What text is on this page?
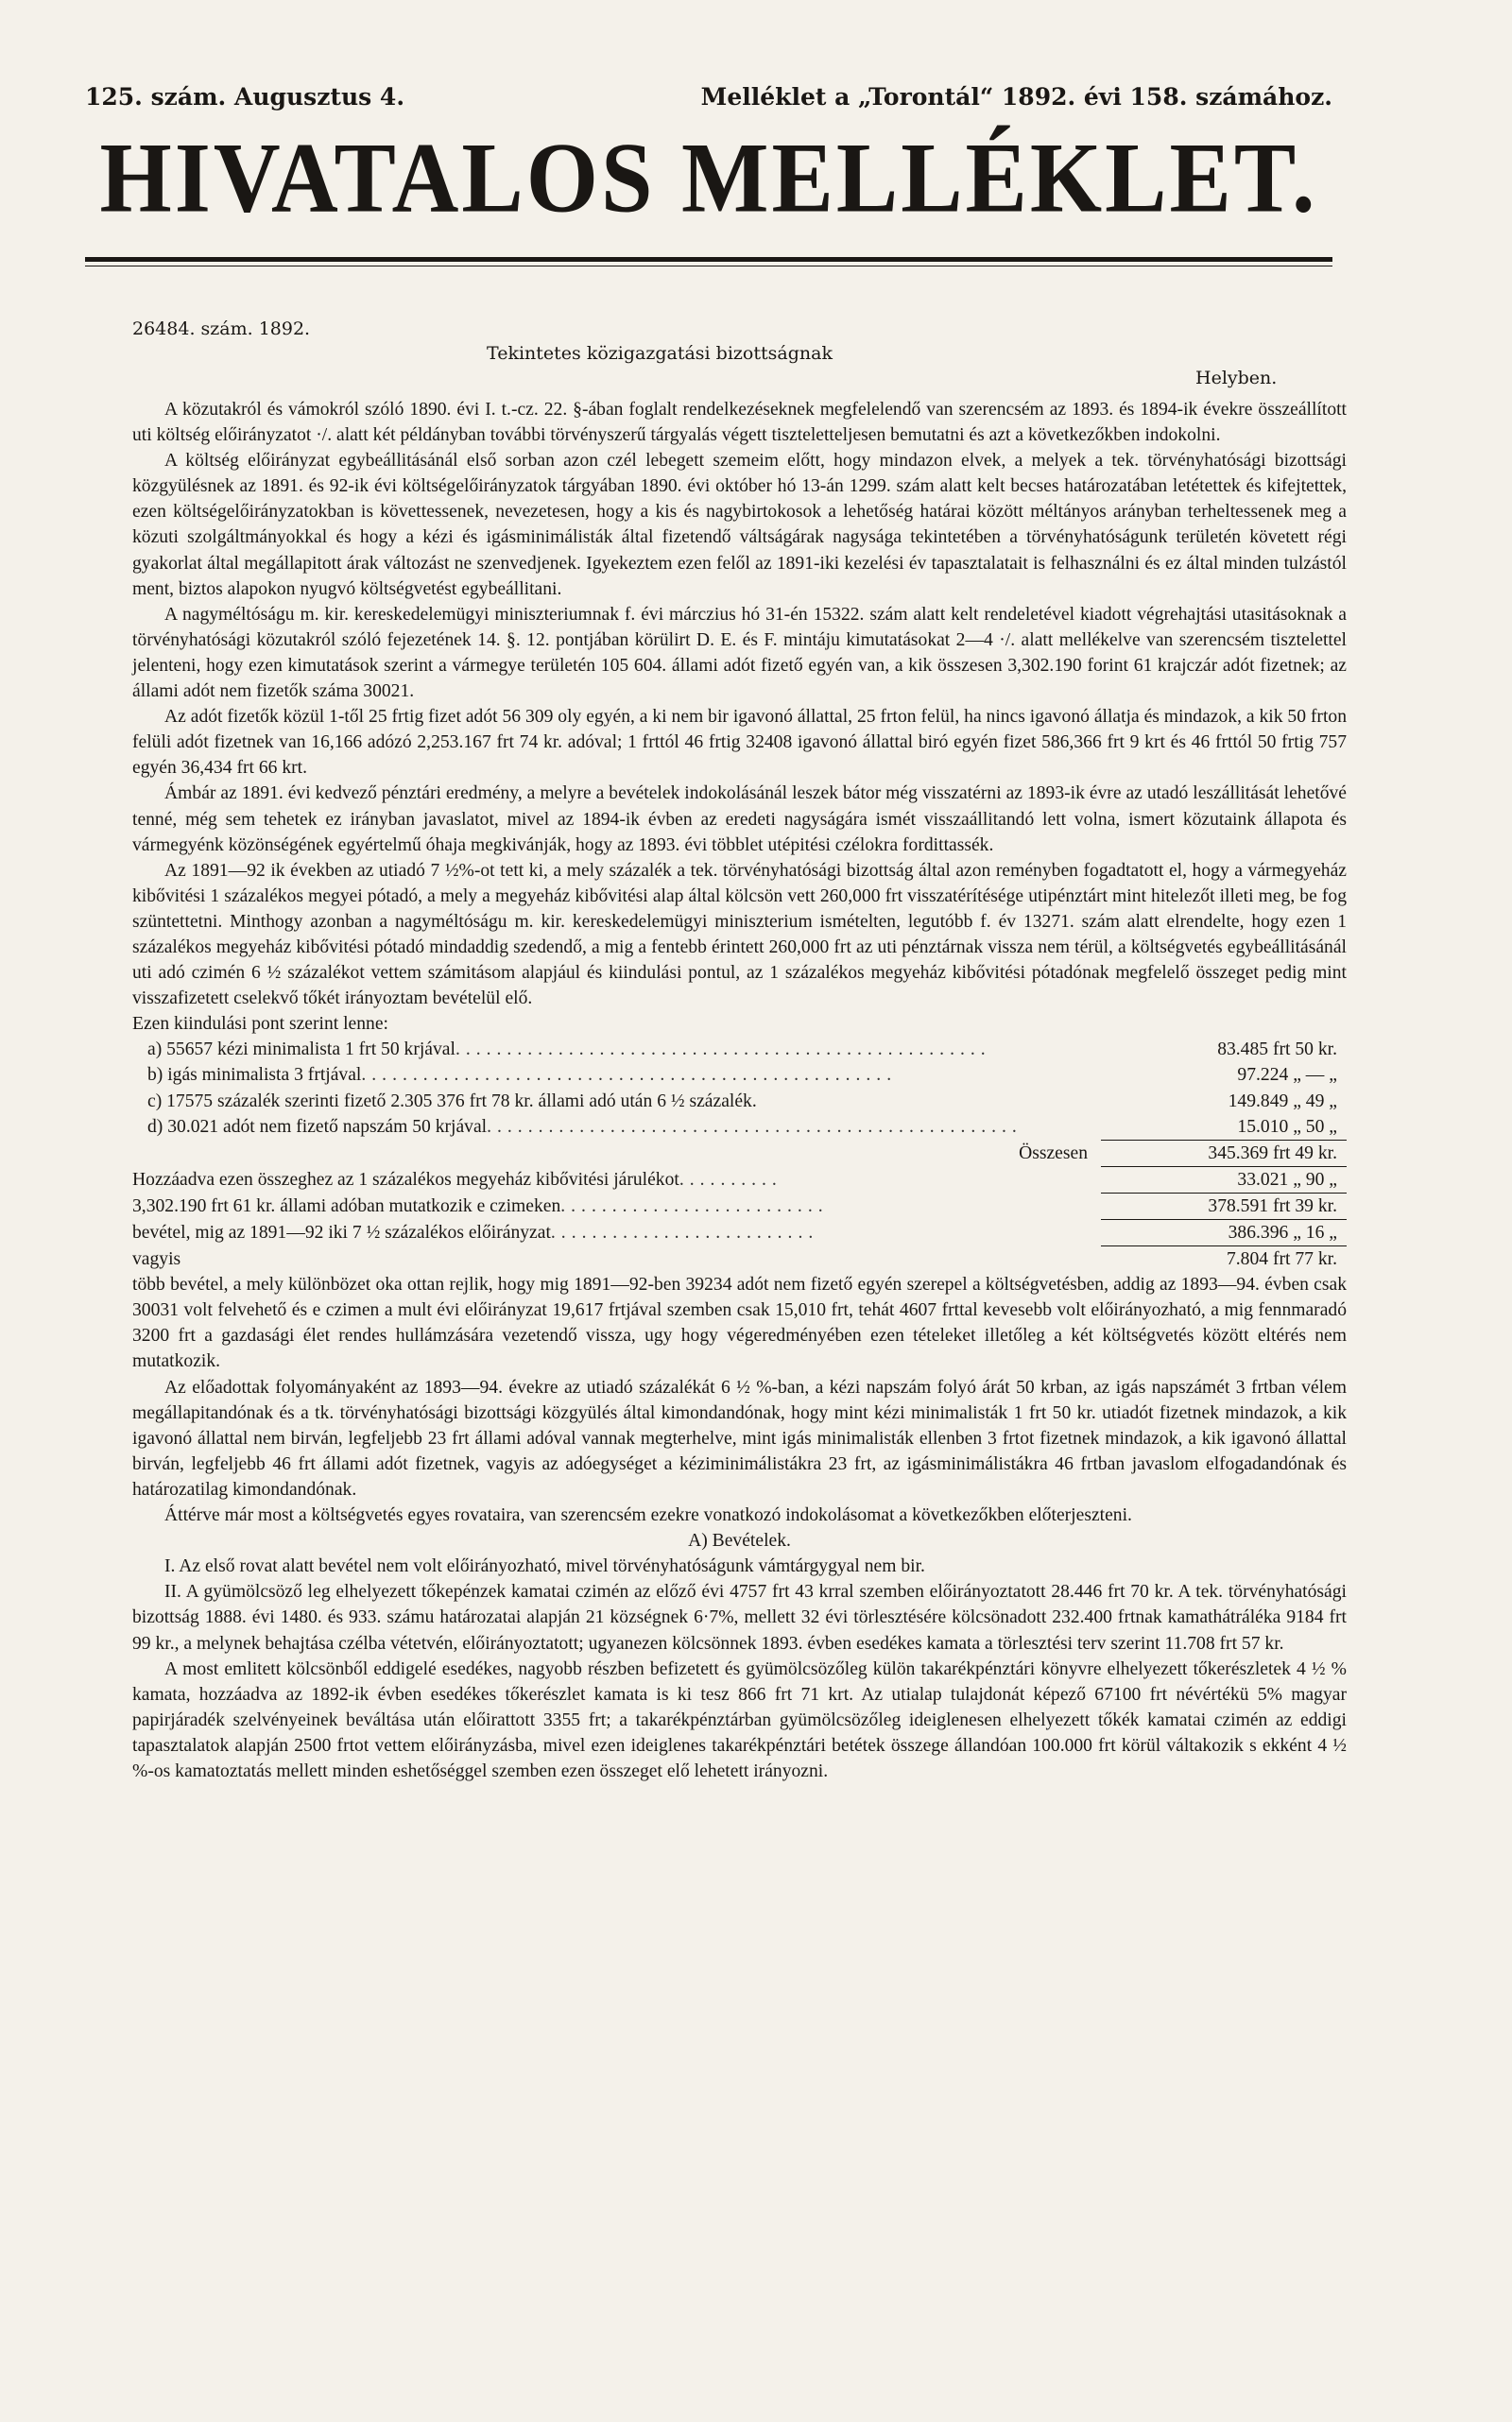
125. szám. Augusztus 4.	Melléklet a „Torontál“ 1892. évi 158. számához.
HIVATALOS MELLÉKLET.
26484. szám. 1892.
Tekintetes közigazgatási bizottságnak
Helyben.

A közutakról és vámokról szóló 1890. évi I. t.-cz. 22. §-ában foglalt rendelkezéseknek megfelelendő van szerencsém az 1893. és 1894-ik évekre összeállított uti költség előirányzatot ·/. alatt két példányban további törvényszerű tárgyalás végett tiszteletteljesen bemutatni és azt a következőkben indokolni.

A költség előirányzat egybeállitásánál első sorban azon czél lebegett szemeim előtt, hogy mindazon elvek, a melyek a tek. törvényhatósági bizottsági közgyülésnek az 1891. és 92-ik évi költségelőirányzatok tárgyában 1890. évi október hó 13-án 1299. szám alatt kelt becses határozatában letétettek és kifejtettek, ezen költségelőirányzatokban is követtessenek, nevezetesen, hogy a kis és nagybirtokosok a lehetőség határai között méltányos arányban terheltessenek meg a közuti szolgáltmányokkal és hogy a kézi és igásminimálisták által fizetendő váltságárak nagysága tekintetében a törvényhatóságunk területén követett régi gyakorlat által megállapitott árak változást ne szenvedjenek. Igyekeztem ezen felől az 1891-iki kezelési év tapasztalatait is felhasználni és ez által minden tulzástól ment, biztos alapokon nyugvó költségvetést egybeállitani.

A nagyméltóságu m. kir. kereskedelemügyi miniszteriumnak f. évi márczius hó 31-én 15322. szám alatt kelt rendeletével kiadott végrehajtási utasitásoknak a törvényhatósági közutakról szóló fejezetének 14. §. 12. pontjában körülirt D. E. és F. mintáju kimutatásokat 2—4 ·/. alatt mellékelve van szerencsém tisztelettel jelenteni, hogy ezen kimutatások szerint a vármegye területén 105 604. állami adót fizető egyén van, a kik összesen 3,302.190 forint 61 krajczár adót fizetnek; az állami adót nem fizetők száma 30021.

Az adót fizetők közül 1-től 25 frtig fizet adót 56 309 oly egyén, a ki nem bir igavonó állattal, 25 frton felül, ha nincs igavonó állatja és mindazok, a kik 50 frton felüli adót fizetnek van 16,166 adózó 2,253.167 frt 74 kr. adóval; 1 frttól 46 frtig 32408 igavonó állattal biró egyén fizet 586,366 frt 9 krt és 46 frttól 50 frtig 757 egyén 36,434 frt 66 krt.

Ámbár az 1891. évi kedvező pénztári eredmény, a melyre a bevételek indokolásánál leszek bátor még visszatérni az 1893-ik évre az utadó leszállitását lehetővé tenné, még sem tehetek ez irányban javaslatot, mivel az 1894-ik évben az eredeti nagyságára ismét visszaállitandó lett volna, ismert közutaink állapota és vármegyénk közönségének egyértelmű óhaja megkivánják, hogy az 1893. évi többlet utépitési czélokra fordittassék.

Az 1891—92 ik években az utiadó 7 ½%-ot tett ki, a mely százalék a tek. törvényhatósági bizottság által azon reményben fogadtatott el, hogy a vármegyeház kibővitési 1 százalékos megyei pótadó, a mely a megyeház kibővitési alap által kölcsön vett 260,000 frt visszatérítésége utipénztárt mint hitelezőt illeti meg, be fog szüntettetni. Minthogy azonban a nagyméltóságu m. kir. kereskedelemügyi miniszterium ismételten, legutóbb f. év 13271. szám alatt elrendelte, hogy ezen 1 százalékos megyeház kibővitési pótadó mindaddig szedendő, a mig a fentebb érintett 260,000 frt az uti pénztárnak vissza nem térül, a költségvetés egybeállitásánál uti adó czimén 6 ½ százalékot vettem számitásom alapjául és kiindulási pontul, az 1 százalékos megyeház kibővitési pótadónak megfelelő összeget pedig mint visszafizetett cselekvő tőkét irányoztam bevételül elő.

Ezen kiindulási pont szerint lenne:

a) 55657 kézi minimalista 1 frt 50 krjával ....................................................	83.485 frt 50 kr.
b) igás minimalista 3 frtjával ....................................................	97.224 „ — „
c) 17575 százalék szerinti fizető 2.305 376 frt 78 kr. állami adó után 6 ½ százalék.	149.849 „ 49 „
d) 30.021 adót nem fizető napszám 50 krjával ....................................................	15.010 „ 50 „
Összesen	345.369 frt 49 kr.
Hozzáadva ezen összeghez az 1 százalékos megyeház kibővitési járulékot ..........	33.021 „ 90 „
3,302.190 frt 61 kr. állami adóban mutatkozik e czimeken ..........................	378.591 frt 39 kr.
bevétel, mig az 1891—92 iki 7 ½ százalékos előirányzat ..........................	386.396 „ 16 „
vagyis	7.804 frt 77 kr.

több bevétel, a mely különbözet oka ottan rejlik, hogy mig 1891—92-ben 39234 adót nem fizető egyén szerepel a költségvetésben, addig az 1893—94. évben csak 30031 volt felvehető és e czimen a mult évi előirányzat 19,617 frtjával szemben csak 15,010 frt, tehát 4607 frttal kevesebb volt előirányozható, a mig fennmaradó 3200 frt a gazdasági élet rendes hullámzására vezetendő vissza, ugy hogy végeredményében ezen tételeket illetőleg a két költségvetés között eltérés nem mutatkozik.

Az előadottak folyományaként az 1893—94. évekre az utiadó százalékát 6 ½ %-ban, a kézi napszám folyó árát 50 krban, az igás napszámét 3 frtban vélem megállapitandónak és a tk. törvényhatósági bizottsági közgyülés által kimondandónak, hogy mint kézi minimalisták 1 frt 50 kr. utiadót fizetnek mindazok, a kik igavonó állattal nem birván, legfeljebb 23 frt állami adóval vannak megterhelve, mint igás minimalisták ellenben 3 frtot fizetnek mindazok, a kik igavonó állattal birván, legfeljebb 46 frt állami adót fizetnek, vagyis az adóegységet a kéziminimálistákra 23 frt, az igásminimálistákra 46 frtban javaslom elfogadandónak és határozatilag kimondandónak.

Áttérve már most a költségvetés egyes rovataira, van szerencsém ezekre vonatkozó indokolásomat a következőkben előterjeszteni.

A) Bevételek.

I. Az első rovat alatt bevétel nem volt előirányozható, mivel törvényhatóságunk vámtárgygyal nem bir.

II. A gyümölcsöző leg elhelyezett tőkepénzek kamatai czimén az előző évi 4757 frt 43 krral szemben előirányoztatott 28.446 frt 70 kr. A tek. törvényhatósági bizottság 1888. évi 1480. és 933. számu határozatai alapján 21 községnek 6·7%, mellett 32 évi törlesztésére kölcsönadott 232.400 frtnak kamathátráléka 9184 frt 99 kr., a melynek behajtása czélba vétetvén, előirányoztatott; ugyanezen kölcsönnek 1893. évben esedékes kamata a törlesztési terv szerint 11.708 frt 57 kr.

A most emlitett kölcsönből eddigelé esedékes, nagyobb részben befizetett és gyümölcsözőleg külön takarékpénztári könyvre elhelyezett tőkerészletek 4 ½ % kamata, hozzáadva az 1892-ik évben esedékes tőkerészlet kamata is ki tesz 866 frt 71 krt. Az utialap tulajdonát képező 67100 frt névértékü 5% magyar papirjáradék szelvényeinek beváltása után előirattott 3355 frt; a takarékpénztárban gyümölcsözőleg ideiglenesen elhelyezett tőkék kamatai czimén az eddigi tapasztalatok alapján 2500 frtot vettem előirányzásba, mivel ezen ideiglenes takarékpénztári betétek összege állandóan 100.000 frt körül váltakozik s ekként 4 ½ %-os kamatoztatás mellett minden eshetőséggel szemben ezen összeget elő lehetett irányozni.
